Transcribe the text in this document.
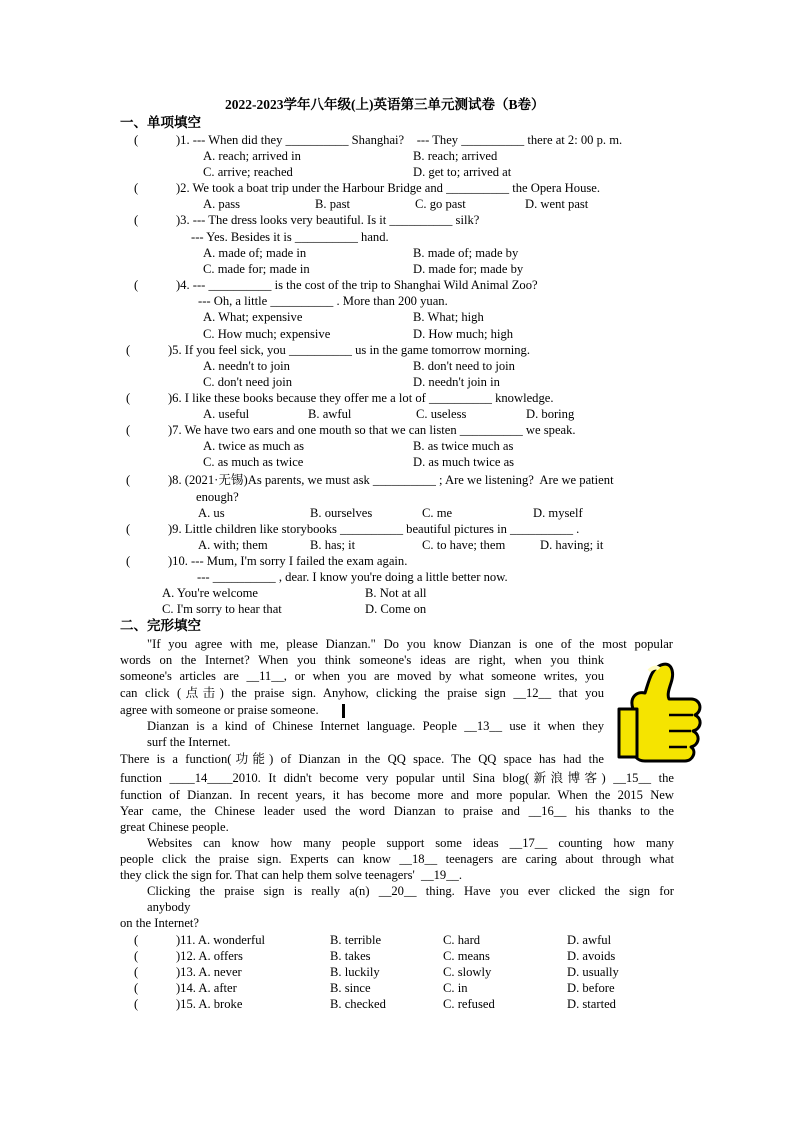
2022-2023学年八年级(上)英语第三单元测试卷（B卷）
一、单项填空
(            )1. --- When did they __________ Shanghai?    --- They __________ there at 2: 00 p. m.
A. reach; arrived in	B. reach; arrived
C. arrive; reached	D. get to; arrived at
(            )2. We took a boat trip under the Harbour Bridge and __________ the Opera House.
A. pass	B. past	C. go past	D. went past
(            )3. --- The dress looks very beautiful. Is it __________ silk?
--- Yes. Besides it is __________ hand.
A. made of; made in	B. made of; made by
C. made for; made in	D. made for; made by
(            )4. --- __________ is the cost of the trip to Shanghai Wild Animal Zoo?
--- Oh, a little __________ . More than 200 yuan.
A. What; expensive	B. What; high
C. How much; expensive	D. How much; high
(            )5. If you feel sick, you __________ us in the game tomorrow morning.
A. needn't to join	B. don't need to join
C. don't need join	D. needn't join in
(            )6. I like these books because they offer me a lot of __________ knowledge.
A. useful	B. awful	C. useless	D. boring
(            )7. We have two ears and one mouth so that we can listen __________ we speak.
A. twice as much as	B. as twice much as
C. as much as twice	D. as much twice as
(            )8. (2021·无锡)As parents, we must ask __________ ; Are we listening?  Are we patient
enough?
A. us	B. ourselves	C. me	D. myself
(            )9. Little children like storybooks __________ beautiful pictures in __________ .
A. with; them	B. has; it	C. to have; them	D. having; it
(            )10. --- Mum, I'm sorry I failed the exam again.
--- __________ , dear. I know you're doing a little better now.
A. You're welcome	B. Not at all
C. I'm sorry to hear that	D. Come on
二、完形填空
"If you agree with me, please Dianzan." Do you know Dianzan is one of the most popular
words on the Internet? When you think someone's ideas are right, when you think
someone's articles are __11__, or when you are moved by what someone writes, you
can click (点击) the praise sign. Anyhow, clicking the praise sign __12__ that you
agree with someone or praise someone.
Dianzan is a kind of Chinese Internet language. People __13__ use it when they
surf the Internet.
There is a function(功能) of Dianzan in the QQ space. The QQ space has had the
function ____14____2010. It didn't become very popular until Sina blog(新浪博客) __15__ the
function of Dianzan. In recent years, it has become more and more popular. When the 2015 New
Year came, the Chinese leader used the word Dianzan to praise and __16__ his thanks to the
great Chinese people.
Websites can know how many people support some ideas __17__ counting how many
people click the praise sign. Experts can know __18__ teenagers are caring about through what
they click the sign for. That can help them solve teenagers'  __19__.
Clicking the praise sign is really a(n) __20__ thing. Have you ever clicked the sign for
anybody
on the Internet?
(            )11. A. wonderful	B. terrible	C. hard	D. awful
(            )12. A. offers	B. takes	C. means	D. avoids
(            )13. A. never	B. luckily	C. slowly	D. usually
(            )14. A. after	B. since	C. in	D. before
(            )15. A. broke	B. checked	C. refused	D. started
